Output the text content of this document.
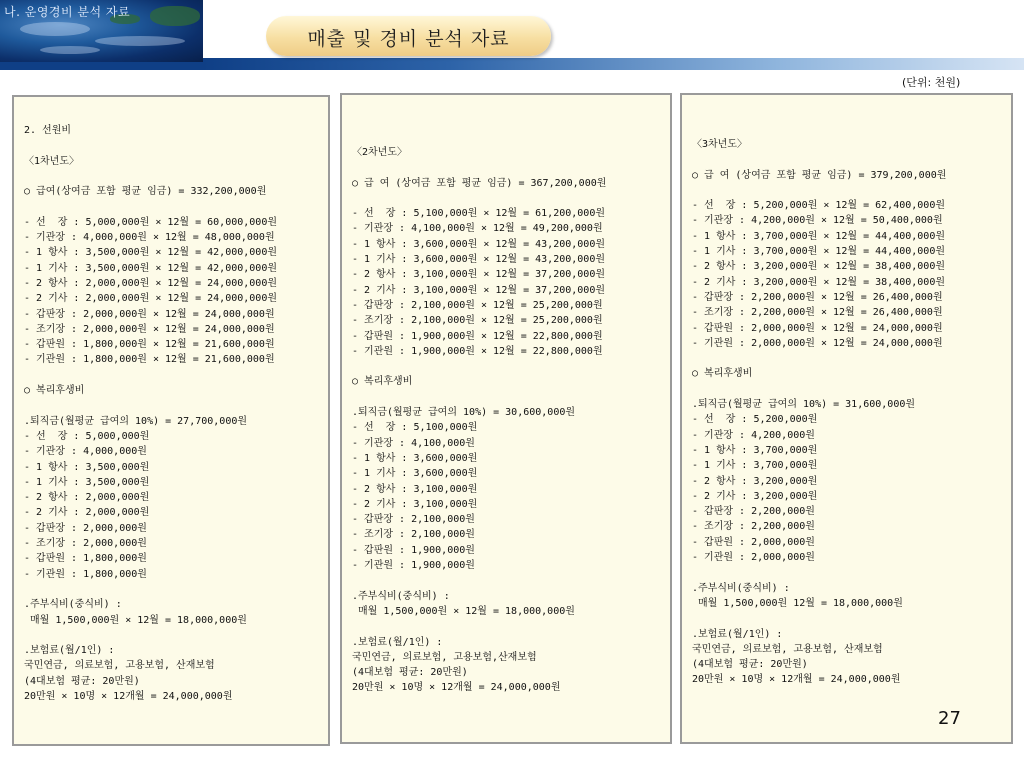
나. 운영경비 분석 자료
매출 및 경비 분석 자료
(단위: 천원)
2. 선원비
〈1차년도〉
○ 급여(상여금 포함 평균 임금) = 332,200,000원
- 선  장 : 5,000,000원 × 12월 = 60,000,000원
- 기관장 : 4,000,000원 × 12월 = 48,000,000원
- 1 항사 : 3,500,000원 × 12월 = 42,000,000원
- 1 기사 : 3,500,000원 × 12월 = 42,000,000원
- 2 항사 : 2,000,000원 × 12월 = 24,000,000원
- 2 기사 : 2,000,000원 × 12월 = 24,000,000원
- 갑판장 : 2,000,000원 × 12월 = 24,000,000원
- 조기장 : 2,000,000원 × 12월 = 24,000,000원
- 갑판원 : 1,800,000원 × 12월 = 21,600,000원
- 기관원 : 1,800,000원 × 12월 = 21,600,000원
○ 복리후생비
.퇴직금(월평균 급여의 10%) = 27,700,000원
- 선  장 : 5,000,000원
- 기관장 : 4,000,000원
- 1 항사 : 3,500,000원
- 1 기사 : 3,500,000원
- 2 항사 : 2,000,000원
- 2 기사 : 2,000,000원
- 갑판장 : 2,000,000원
- 조기장 : 2,000,000원
- 갑판원 : 1,800,000원
- 기관원 : 1,800,000원
.주부식비(중식비) :
매월 1,500,000원 × 12월 = 18,000,000원
.보험료(월/1인) :
국민연금, 의료보험, 고용보험, 산재보험
(4대보험 평균: 20만원)
20만원 × 10명 × 12개월 = 24,000,000원
〈2차년도〉
○ 급 여 (상여금 포함 평균 임금) = 367,200,000원
- 선  장 : 5,100,000원 × 12월 = 61,200,000원
- 기관장 : 4,100,000원 × 12월 = 49,200,000원
- 1 항사 : 3,600,000원 × 12월 = 43,200,000원
- 1 기사 : 3,600,000원 × 12월 = 43,200,000원
- 2 항사 : 3,100,000원 × 12월 = 37,200,000원
- 2 기사 : 3,100,000원 × 12월 = 37,200,000원
- 갑판장 : 2,100,000원 × 12월 = 25,200,000원
- 조기장 : 2,100,000원 × 12월 = 25,200,000원
- 갑판원 : 1,900,000원 × 12월 = 22,800,000원
- 기관원 : 1,900,000원 × 12월 = 22,800,000원
○ 복리후생비
.퇴직금(월평균 급여의 10%) = 30,600,000원
- 선  장 : 5,100,000원
- 기관장 : 4,100,000원
- 1 항사 : 3,600,000원
- 1 기사 : 3,600,000원
- 2 항사 : 3,100,000원
- 2 기사 : 3,100,000원
- 갑판장 : 2,100,000원
- 조기장 : 2,100,000원
- 갑판원 : 1,900,000원
- 기관원 : 1,900,000원
.주부식비(중식비) :
매월 1,500,000원 × 12월 = 18,000,000원
.보험료(월/1인) :
국민연금, 의료보험, 고용보험,산재보험
(4대보험 평균: 20만원)
20만원 × 10명 × 12개월 = 24,000,000원
〈3차년도〉
○ 급 여 (상여금 포함 평균 임금) = 379,200,000원
- 선  장 : 5,200,000원 × 12월 = 62,400,000원
- 기관장 : 4,200,000원 × 12월 = 50,400,000원
- 1 항사 : 3,700,000원 × 12월 = 44,400,000원
- 1 기사 : 3,700,000원 × 12월 = 44,400,000원
- 2 항사 : 3,200,000원 × 12월 = 38,400,000원
- 2 기사 : 3,200,000원 × 12월 = 38,400,000원
- 갑판장 : 2,200,000원 × 12월 = 26,400,000원
- 조기장 : 2,200,000원 × 12월 = 26,400,000원
- 갑판원 : 2,000,000원 × 12월 = 24,000,000원
- 기관원 : 2,000,000원 × 12월 = 24,000,000원
○ 복리후생비
.퇴직금(월평균 급여의 10%) = 31,600,000원
- 선  장 : 5,200,000원
- 기관장 : 4,200,000원
- 1 항사 : 3,700,000원
- 1 기사 : 3,700,000원
- 2 항사 : 3,200,000원
- 2 기사 : 3,200,000원
- 갑판장 : 2,200,000원
- 조기장 : 2,200,000원
- 갑판원 : 2,000,000원
- 기관원 : 2,000,000원
.주부식비(중식비) :
매월 1,500,000원 12월 = 18,000,000원
.보험료(월/1인) :
국민연금, 의료보험, 고용보험, 산재보험
(4대보험 평균: 20만원)
20만원 × 10명 × 12개월 = 24,000,000원
27
